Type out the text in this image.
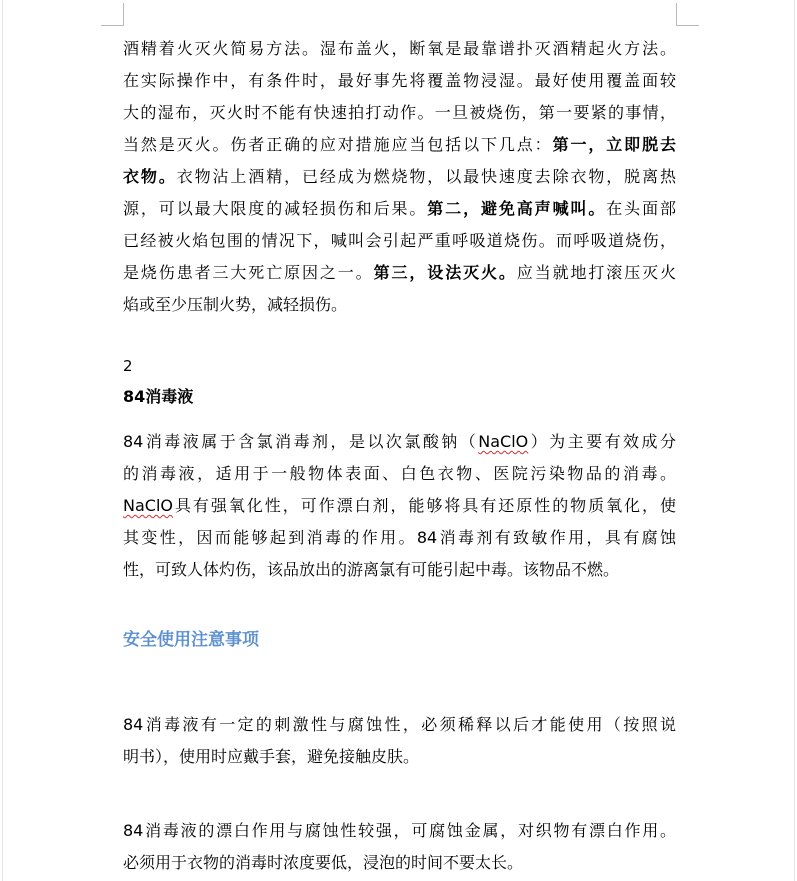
酒精着火灭火简易方法。湿布盖火，断氧是最靠谱扑灭酒精起火方法。
在实际操作中，有条件时，最好事先将覆盖物浸湿。最好使用覆盖面较
大的湿布，灭火时不能有快速拍打动作。一旦被烧伤，第一要紧的事情，
当然是灭火。伤者正确的应对措施应当包括以下几点：第一，立即脱去
衣物。衣物沾上酒精，已经成为燃烧物，以最快速度去除衣物，脱离热
源，可以最大限度的减轻损伤和后果。第二，避免高声喊叫。在头面部
已经被火焰包围的情况下，喊叫会引起严重呼吸道烧伤。而呼吸道烧伤，
是烧伤患者三大死亡原因之一。第三，设法灭火。应当就地打滚压灭火
焰或至少压制火势，减轻损伤。
2
84消毒液
84消毒液属于含氯消毒剂，是以次氯酸钠（NaClO）为主要有效成分
的消毒液，适用于一般物体表面、白色衣物、医院污染物品的消毒。
NaClO具有强氧化性，可作漂白剂，能够将具有还原性的物质氧化，使
其变性，因而能够起到消毒的作用。84消毒剂有致敏作用，具有腐蚀
性，可致人体灼伤，该品放出的游离氯有可能引起中毒。该物品不燃。
安全使用注意事项
84消毒液有一定的刺激性与腐蚀性，必须稀释以后才能使用（按照说
明书），使用时应戴手套，避免接触皮肤。
84消毒液的漂白作用与腐蚀性较强，可腐蚀金属，对织物有漂白作用。
必须用于衣物的消毒时浓度要低，浸泡的时间不要太长。
